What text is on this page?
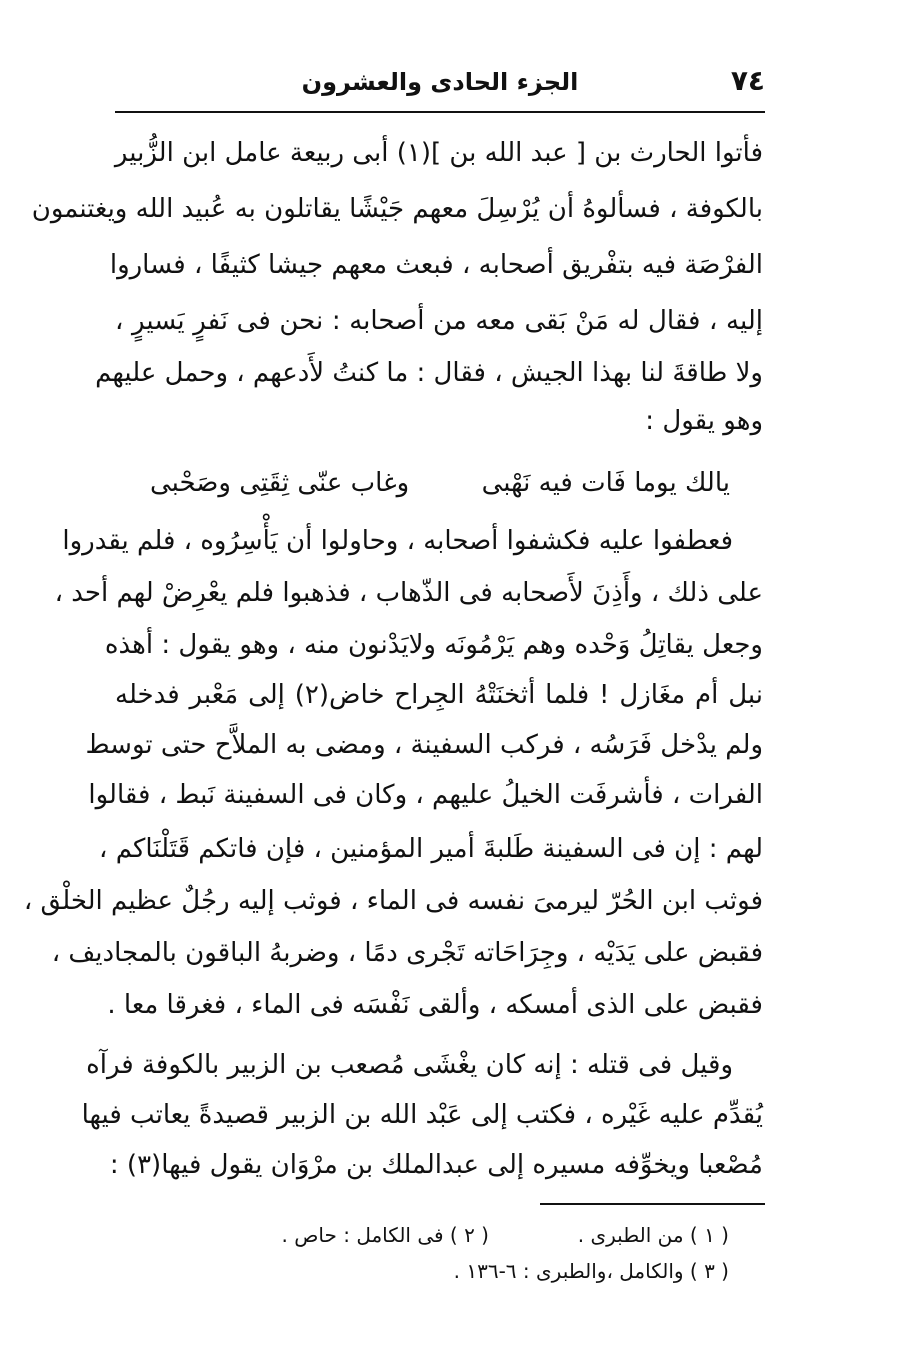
٧٤
الجزء الحادى والعشرون
فأتوا الحارث بن [ عبد الله بن ](١) أبى ربيعة عامل ابن الزُّبير
بالكوفة ، فسألوهُ أن يُرْسِلَ معهم جَيْشًا يقاتلون به عُبيد الله ويغتنمون
الفرْصَة فيه بتفْريق أصحابه ، فبعث معهم جيشا كثيفًا ، فساروا
إليه ، فقال له مَنْ بَقى معه من أصحابه : نحن فى نَفرٍ يَسيرٍ ،
ولا طاقةَ لنا بهذا الجيش ، فقال : ما كنتُ لأَدعهم ، وحمل عليهم
وهو يقول :
يالك يوما فَات فيه نَهْبى
وغاب عنّى ثِقَتِى وصَحْبى
فعطفوا عليه فكشفوا أصحابه ، وحاولوا أن يَأْسِرُوه ، فلم يقدروا
على ذلك ، وأَذِنَ لأَصحابه فى الذّهاب ، فذهبوا فلم يعْرِضْ لهم أحد ،
وجعل يقاتِلُ وَحْده وهم يَرْمُونَه ولايَدْنون منه ، وهو يقول : أهذه
نبل أم مغَازل ! فلما أثخنَتْهُ الجِراح خاض(٢) إلى مَعْبر فدخله
ولم يدْخل فَرَسُه ، فركب السفينة ، ومضى به الملاَّح حتى توسط
الفرات ، فأشرفَت الخيلُ عليهم ، وكان فى السفينة نَبط ، فقالوا
لهم : إن فى السفينة طَلبةَ أمير المؤمنين ، فإن فاتكم قَتَلْنَاكم ،
فوثب ابن الحُرّ ليرمىَ نفسه فى الماء ، فوثب إليه رجُلٌ عظيم الخلْق ،
فقبض على يَدَيْه ، وجِرَاحَاته تَجْرى دمًا ، وضربهُ الباقون بالمجاديف ،
فقبض على الذى أمسكه ، وألقى نَفْسَه فى الماء ، فغرقا معا .
وقيل فى قتله : إنه كان يغْشَى مُصعب بن الزبير بالكوفة فرآه
يُقدِّم عليه غَيْره ، فكتب إلى عَبْد الله بن الزبير قصيدةً يعاتب فيها
مُصْعبا ويخوِّفه مسيره إلى عبدالملك بن مرْوَان يقول فيها(٣) :
( ١ ) من الطبرى .
( ٢ ) فى الكامل : حاص .
( ٣ ) والكامل ،والطبرى : ٦-١٣٦ .
